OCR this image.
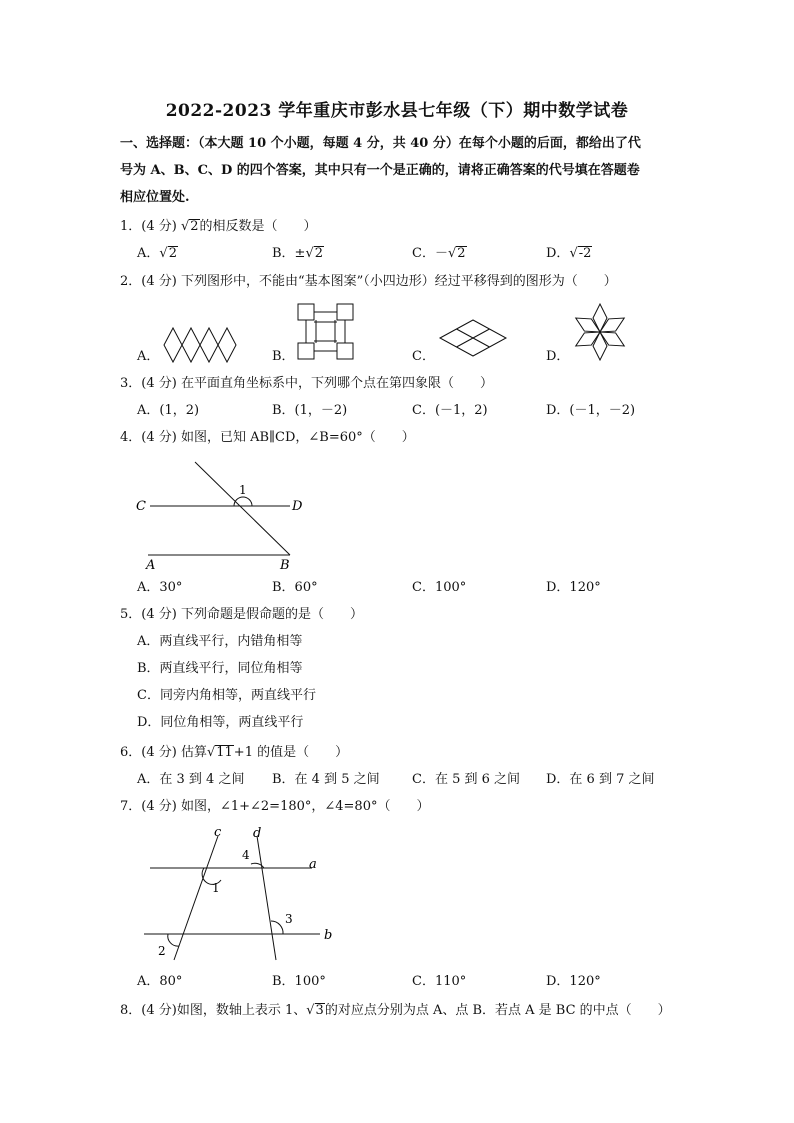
2022-2023 学年重庆市彭水县七年级（下）期中数学试卷
一、选择题：（本大题 10 个小题，每题 4 分，共 40 分）在每个小题的后面，都给出了代
号为 A、B、C、D 的四个答案，其中只有一个是正确的，请将正确答案的代号填在答题卷
相应位置处.
1．(4 分) √2的相反数是（　　）
A．√2	B．±√2	C．－√2	D．√-2
2．(4 分) 下列图形中，不能由“基本图案”（小四边形）经过平移得到的图形为（　　）
A．	B．	C．	D．
3．(4 分) 在平面直角坐标系中，下列哪个点在第四象限（　　）
A．(1，2)	B．(1，－2)	C．(－1，2)	D．(－1，－2)
4．(4 分) 如图，已知 AB∥CD，∠B=60°（　　）
C	D
A	B
1
A．30°	B．60°	C．100°	D．120°
5．(4 分) 下列命题是假命题的是（　　）
A．两直线平行，内错角相等
B．两直线平行，同位角相等
C．同旁内角相等，两直线平行
D．同位角相等，两直线平行
6．(4 分) 估算√11+1 的值是（　　）
A．在 3 到 4 之间 B．在 4 到 5 之间 C．在 5 到 6 之间 D．在 6 到 7 之间
7．(4 分) 如图，∠1+∠2=180°，∠4=80°（　　）
c d
a
b
1
2
3
4
A．80°	B．100°	C．110°	D．120°
8．(4 分)如图，数轴上表示 1、√3的对应点分别为点 A、点 B．若点 A 是 BC 的中点（　　）
